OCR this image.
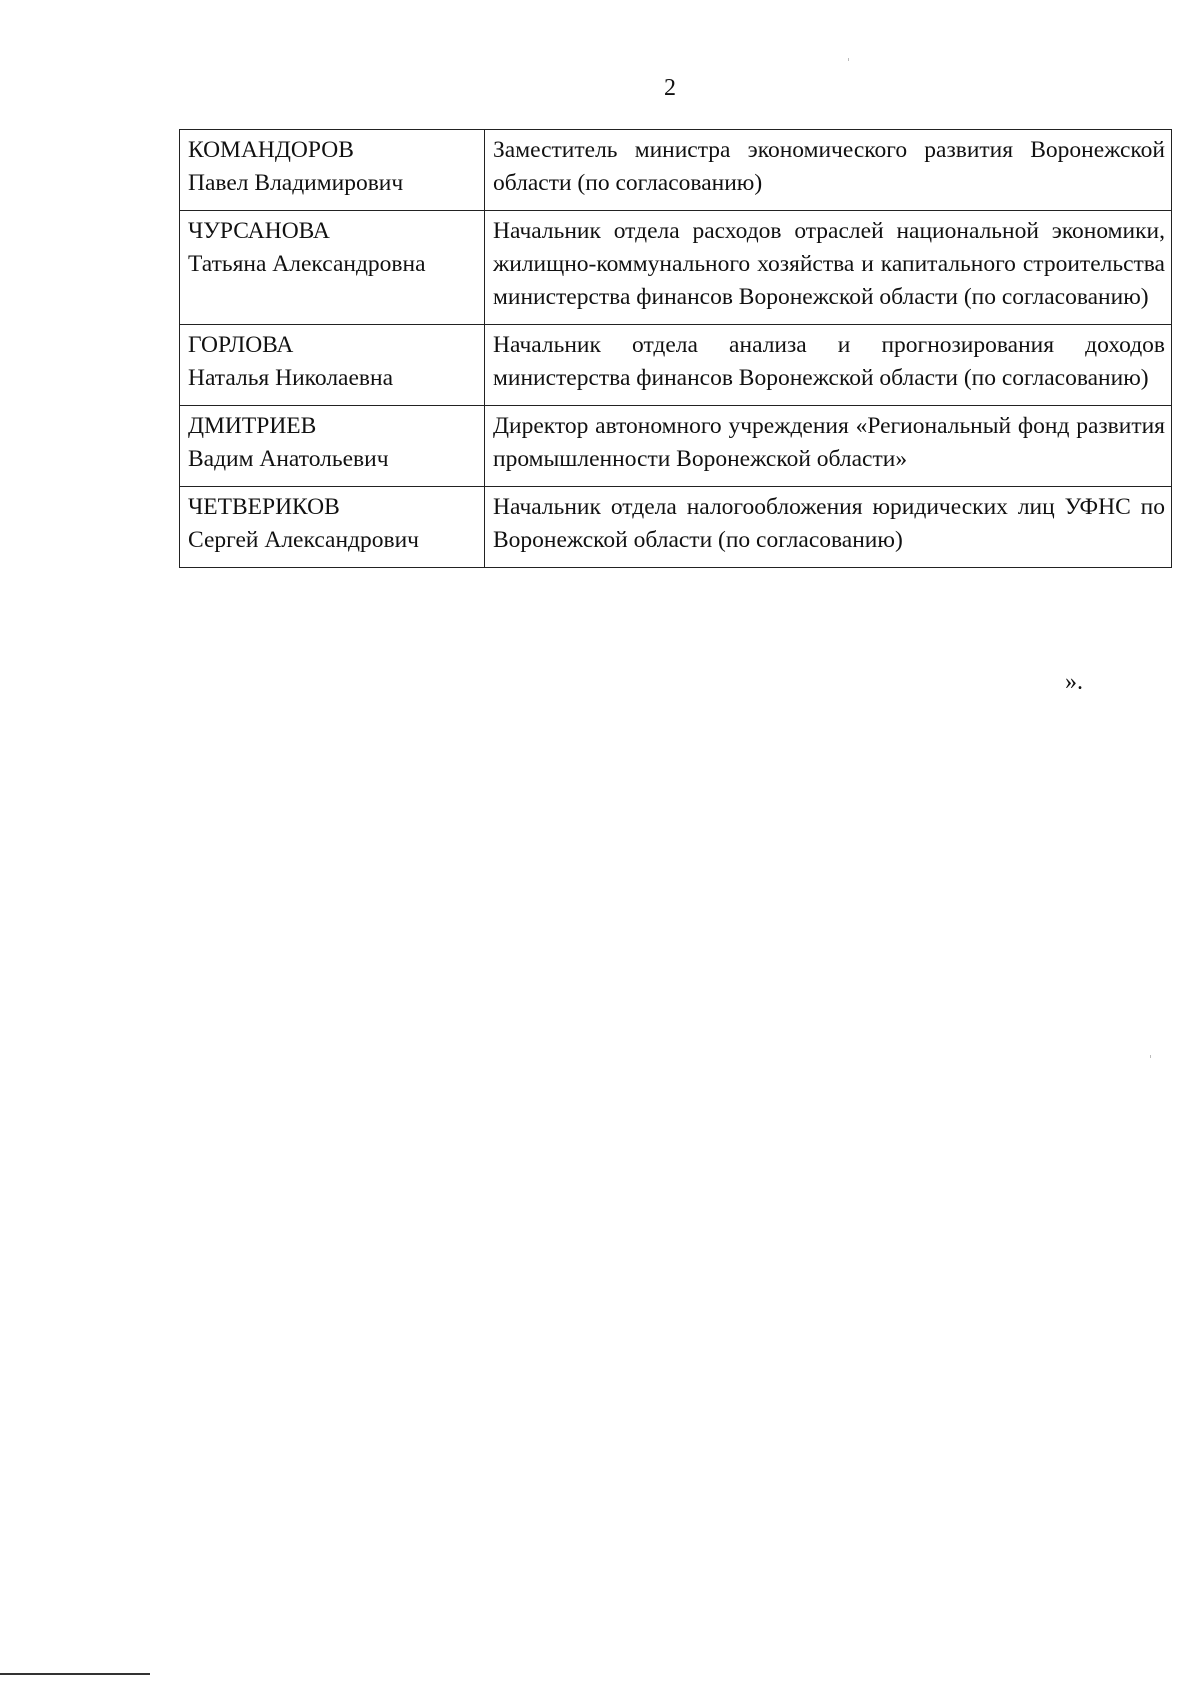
2
КОМАНДОРОВ
Павел Владимирович	Заместитель министра экономического развития Воронежской области (по согласованию)

ЧУРСАНОВА
Татьяна Александровна	Начальник отдела расходов отраслей национальной экономики, жилищно-коммунального хозяйства и капитального строительства министерства финансов Воронежской области (по согласованию)

ГОРЛОВА
Наталья Николаевна	Начальник отдела анализа и прогнозирования доходов министерства финансов Воронежской области (по согласованию)

ДМИТРИЕВ
Вадим Анатольевич	Директор автономного учреждения «Региональный фонд развития промышленности Воронежской области»

ЧЕТВЕРИКОВ
Сергей Александрович	Начальник отдела налогообложения юридических лиц УФНС по Воронежской области (по согласованию)
».
